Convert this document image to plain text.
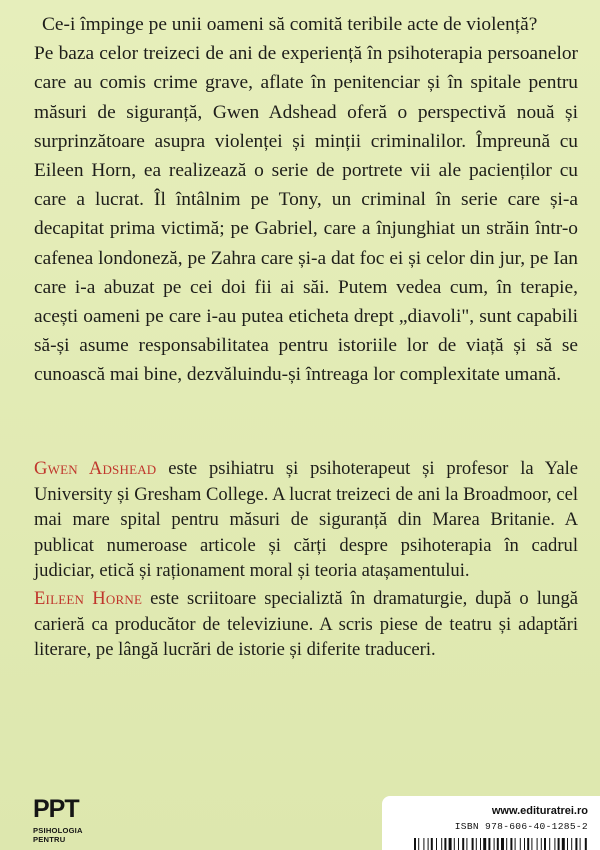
Ce-i împinge pe unii oameni să comită teribile acte de violență?

Pe baza celor treizeci de ani de experiență în psihoterapia persoanelor care au comis crime grave, aflate în penitenciar și în spitale pentru măsuri de siguranță, Gwen Adshead oferă o perspectivă nouă și surprinzătoare asupra violenței și minții criminalilor. Împreună cu Eileen Horn, ea realizează o serie de portrete vii ale pacienților cu care a lucrat. Îl întâlnim pe Tony, un criminal în serie care și-a decapitat prima victimă; pe Gabriel, care a înjunghiat un străin într-o cafenea londoneză, pe Zahra care și-a dat foc ei și celor din jur, pe Ian care i-a abuzat pe cei doi fii ai săi. Putem vedea cum, în terapie, acești oameni pe care i-au putea eticheta drept „diavoli", sunt capabili să-și asume responsabilitatea pentru istoriile lor de viață și să se cunoască mai bine, dezvăluindu-și întreaga lor complexitate umană.

Gwen Adshead este psihiatru și psihoterapeut și profesor la Yale University și Gresham College. A lucrat treizeci de ani la Broadmoor, cel mai mare spital pentru măsuri de siguranță din Marea Britanie. A publicat numeroase articole și cărți despre psihoterapia în cadrul judiciar, etică și raționament moral și teoria atașamentului.

Eileen Horne este scriitoare specializtă în dramaturgie, după o lungă carieră ca producător de televiziune. A scris piese de teatru și adaptări literare, pe lângă lucrări de istorie și diferite traduceri.

PPT
PSIHOLOGIA
PENTRU
www.edituratrei.ro
ISBN 978-606-40-1285-2
